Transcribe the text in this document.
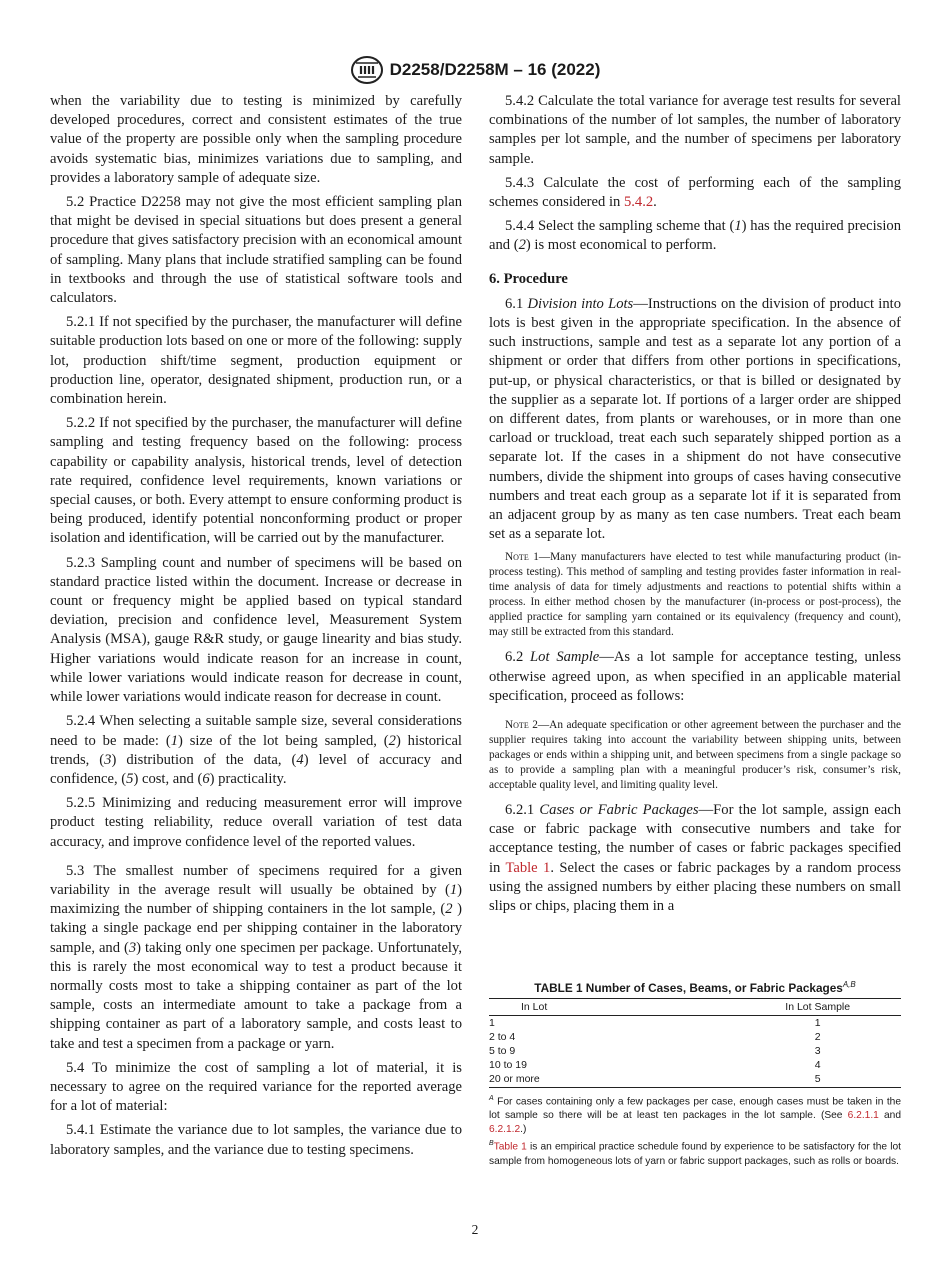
D2258/D2258M – 16 (2022)

when the variability due to testing is minimized by carefully developed procedures, correct and consistent estimates of the true value of the property are possible only when the sampling procedure avoids systematic bias, minimizes variations due to sampling, and provides a laboratory sample of adequate size.

5.2 Practice D2258 may not give the most efficient sampling plan that might be devised in special situations but does present a general procedure that gives satisfactory precision with an economical amount of sampling. Many plans that include stratified sampling can be found in textbooks and through the use of statistical software tools and calculators.

5.2.1 If not specified by the purchaser, the manufacturer will define suitable production lots based on one or more of the following: supply lot, production shift/time segment, production equipment or production line, operator, designated shipment, production run, or a combination herein.

5.2.2 If not specified by the purchaser, the manufacturer will define sampling and testing frequency based on the following: process capability or capability analysis, historical trends, level of detection rate required, confidence level requirements, known variations or special causes, or both. Every attempt to ensure conforming product is being produced, identify potential nonconforming product or proper isolation and identification, will be carried out by the manufacturer.

5.2.3 Sampling count and number of specimens will be based on standard practice listed within the document. Increase or decrease in count or frequency might be applied based on typical standard deviation, precision and confidence level, Measurement System Analysis (MSA), gauge R&R study, or gauge linearity and bias study. Higher variations would indicate reason for an increase in count, while lower variations would indicate reason for decrease in count, while lower variations would indicate reason for decrease in count.

5.2.4 When selecting a suitable sample size, several considerations need to be made: (1) size of the lot being sampled, (2) historical trends, (3) distribution of the data, (4) level of accuracy and confidence, (5) cost, and (6) practicality.

5.2.5 Minimizing and reducing measurement error will improve product testing reliability, reduce overall variation of test data accuracy, and improve confidence level of the reported values.

5.3 The smallest number of specimens required for a given variability in the average result will usually be obtained by (1) maximizing the number of shipping containers in the lot sample, (2 ) taking a single package end per shipping container in the laboratory sample, and (3) taking only one specimen per package. Unfortunately, this is rarely the most economical way to test a product because it normally costs most to take a shipping container as part of the lot sample, costs an intermediate amount to take a package from a shipping container as part of a laboratory sample, and costs least to take and test a specimen from a package or yarn.

5.4 To minimize the cost of sampling a lot of material, it is necessary to agree on the required variance for the reported average for a lot of material:

5.4.1 Estimate the variance due to lot samples, the variance due to laboratory samples, and the variance due to testing specimens.

5.4.2 Calculate the total variance for average test results for several combinations of the number of lot samples, the number of laboratory samples per lot sample, and the number of specimens per laboratory sample.

5.4.3 Calculate the cost of performing each of the sampling schemes considered in 5.4.2.

5.4.4 Select the sampling scheme that (1) has the required precision and (2) is most economical to perform.

6. Procedure

6.1 Division into Lots—Instructions on the division of product into lots is best given in the appropriate specification. In the absence of such instructions, sample and test as a separate lot any portion of a shipment or order that differs from other portions in specifications, put-up, or physical characteristics, or that is billed or designated by the supplier as a separate lot. If portions of a larger order are shipped on different dates, from plants or warehouses, or in more than one carload or truckload, treat each such separately shipped portion as a separate lot. If the cases in a shipment do not have consecutive numbers, divide the shipment into groups of cases having consecutive numbers and treat each group as a separate lot if it is separated from an adjacent group by as many as ten case numbers. Treat each beam set as a separate lot.

Note 1—Many manufacturers have elected to test while manufacturing product (in-process testing). This method of sampling and testing provides faster information in real-time analysis of data for timely adjustments and reactions to potential shifts within a process. In either method chosen by the manufacturer (in-process or post-process), the applied practice for sampling yarn contained or its equivalency (frequency and count), may still be extracted from this standard.

6.2 Lot Sample—As a lot sample for acceptance testing, unless otherwise agreed upon, as when specified in an applicable material specification, proceed as follows:

Note 2—An adequate specification or other agreement between the purchaser and the supplier requires taking into account the variability between shipping units, between packages or ends within a shipping unit, and between specimens from a single package so as to provide a sampling plan with a meaningful producer’s risk, consumer’s risk, acceptable quality level, and limiting quality level.

6.2.1 Cases or Fabric Packages—For the lot sample, assign each case or fabric package with consecutive numbers and take for acceptance testing, the number of cases or fabric packages specified in Table 1. Select the cases or fabric packages by a random process using the assigned numbers by either placing these numbers on small slips or chips, placing them in a

TABLE 1 Number of Cases, Beams, or Fabric Packages$^{A,B}$
In Lot	In Lot Sample
1	1
2 to 4	2
5 to 9	3
10 to 19	4
20 or more	5
$^A$ For cases containing only a few packages per case, enough cases must be taken in the lot sample so there will be at least ten packages in the lot sample. (See 6.2.1.1 and 6.2.1.2.)
$^B$Table 1 is an empirical practice schedule found by experience to be satisfactory for the lot sample from homogeneous lots of yarn or fabric support packages, such as rolls or boards.
2
